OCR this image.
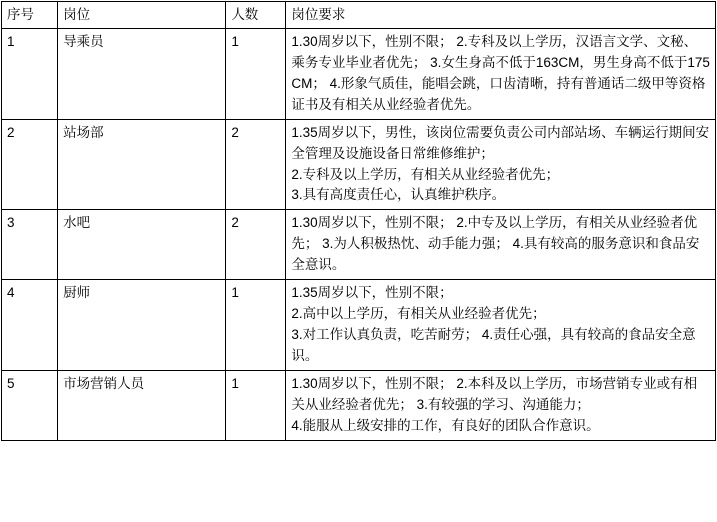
序号	岗位	人数	岗位要求
1	导乘员	1	1.30周岁以下，性别不限； 2.专科及以上学历，汉语言文学、文秘、乘务专业毕业者优先； 3.女生身高不低于163CM，男生身高不低于175CM； 4.形象气质佳，能唱会跳，口齿清晰，持有普通话二级甲等资格证书及有相关从业经验者优先。

2	站场部	2	1.35周岁以下，男性，该岗位需要负责公司内部站场、车辆运行期间安全管理及设施设备日常维修维护；
2.专科及以上学历，有相关从业经验者优先；
3.具有高度责任心，认真维护秩序。

3	水吧	2	1.30周岁以下，性别不限； 2.中专及以上学历，有相关从业经验者优先； 3.为人积极热忱、动手能力强； 4.具有较高的服务意识和食品安全意识。

4	厨师	1	1.35周岁以下，性别不限；
2.高中以上学历，有相关从业经验者优先；
3.对工作认真负责，吃苦耐劳； 4.责任心强，具有较高的食品安全意识。

5	市场营销人员	1	1.30周岁以下，性别不限； 2.本科及以上学历，市场营销专业或有相关从业经验者优先； 3.有较强的学习、沟通能力；
4.能服从上级安排的工作，有良好的团队合作意识。
